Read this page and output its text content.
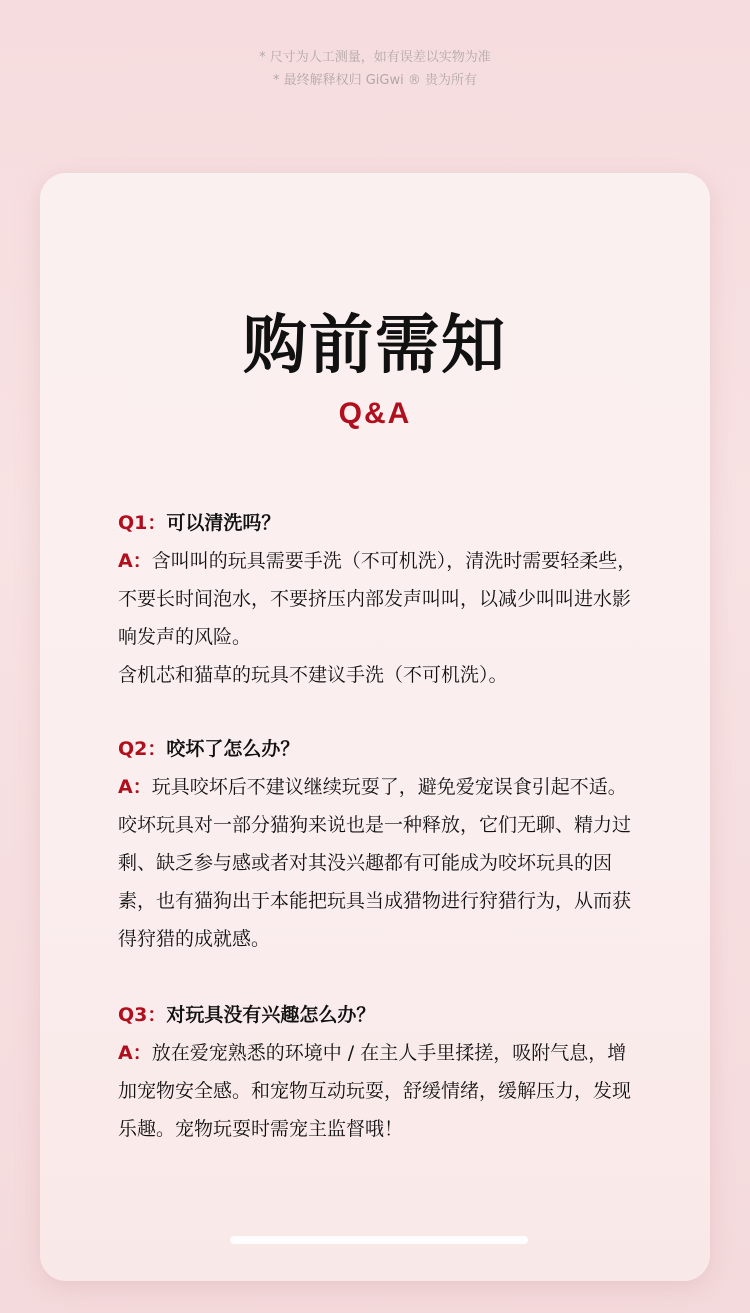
* 尺寸为人工测量，如有误差以实物为准
* 最终解释权归 GiGwi ® 贵为所有
购前需知
Q&A
Q1：可以清洗吗？

A：含叫叫的玩具需要手洗（不可机洗），清洗时需要轻柔些，不要长时间泡水，不要挤压内部发声叫叫，以减少叫叫进水影响发声的风险。

含机芯和猫草的玩具不建议手洗（不可机洗）。

Q2：咬坏了怎么办？

A：玩具咬坏后不建议继续玩耍了，避免爱宠误食引起不适。咬坏玩具对一部分猫狗来说也是一种释放，它们无聊、精力过剩、缺乏参与感或者对其没兴趣都有可能成为咬坏玩具的因素，也有猫狗出于本能把玩具当成猎物进行狩猎行为，从而获得狩猎的成就感。

Q3：对玩具没有兴趣怎么办？

A：放在爱宠熟悉的环境中 / 在主人手里揉搓，吸附气息，增加宠物安全感。和宠物互动玩耍，舒缓情绪，缓解压力，发现乐趣。宠物玩耍时需宠主监督哦！
